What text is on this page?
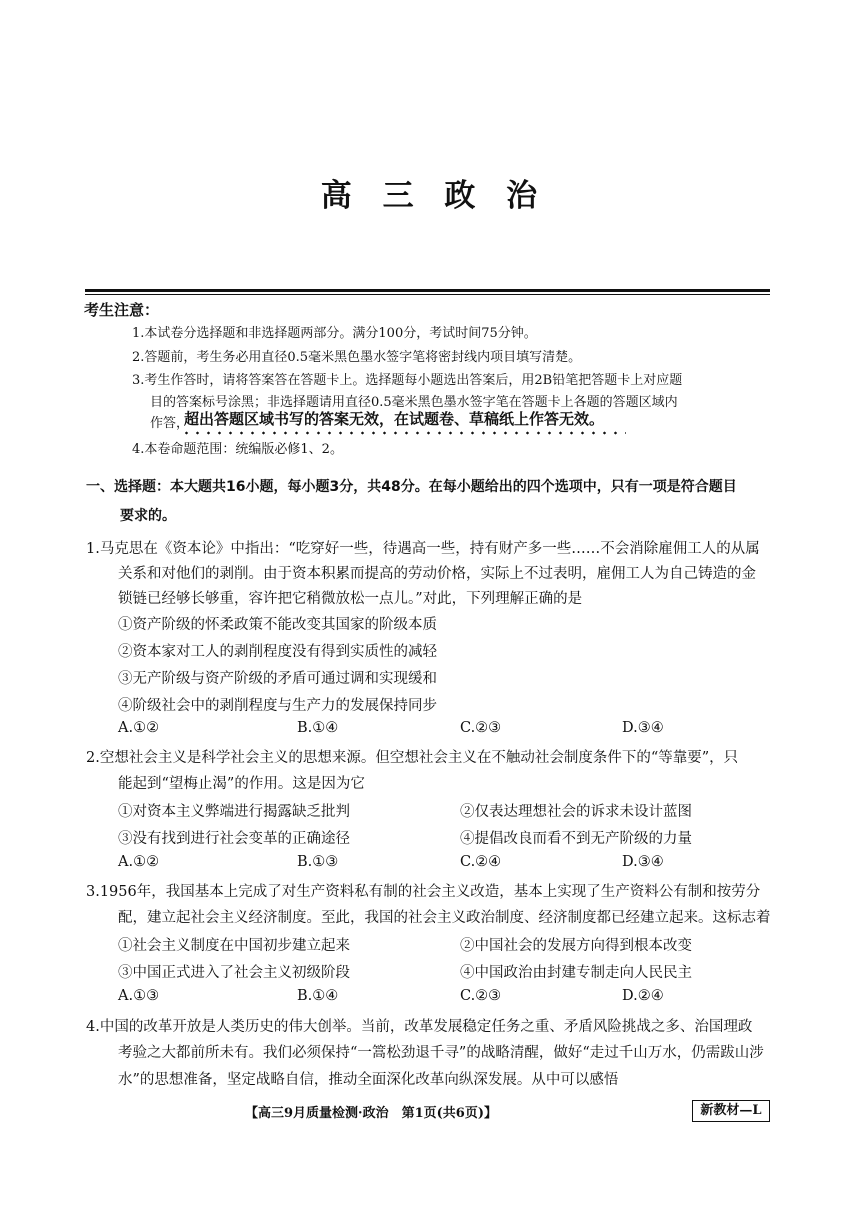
高 三 政 治
考生注意：
1.本试卷分选择题和非选择题两部分。满分100分，考试时间75分钟。
2.答题前，考生务必用直径0.5毫米黑色墨水签字笔将密封线内项目填写清楚。
3.考生作答时，请将答案答在答题卡上。选择题每小题选出答案后，用2B铅笔把答题卡上对应题
目的答案标号涂黑；非选择题请用直径0.5毫米黑色墨水签字笔在答题卡上各题的答题区域内
作答，
超出答题区域书写的答案无效，在试题卷、草稿纸上作答无效。
4.本卷命题范围：统编版必修1、2。
一、选择题：本大题共16小题，每小题3分，共48分。在每小题给出的四个选项中，只有一项是符合题目
要求的。
1.马克思在《资本论》中指出：“吃穿好一些，待遇高一些，持有财产多一些……不会消除雇佣工人的从属
关系和对他们的剥削。由于资本积累而提高的劳动价格，实际上不过表明，雇佣工人为自己铸造的金
锁链已经够长够重，容许把它稍微放松一点儿。”对此，下列理解正确的是
①资产阶级的怀柔政策不能改变其国家的阶级本质
②资本家对工人的剥削程度没有得到实质性的减轻
③无产阶级与资产阶级的矛盾可通过调和实现缓和
④阶级社会中的剥削程度与生产力的发展保持同步
A.①②	B.①④	C.②③	D.③④
2.空想社会主义是科学社会主义的思想来源。但空想社会主义在不触动社会制度条件下的“等靠要”，只
能起到“望梅止渴”的作用。这是因为它
①对资本主义弊端进行揭露缺乏批判	②仅表达理想社会的诉求未设计蓝图
③没有找到进行社会变革的正确途径	④提倡改良而看不到无产阶级的力量
A.①②	B.①③	C.②④	D.③④
3.1956年，我国基本上完成了对生产资料私有制的社会主义改造，基本上实现了生产资料公有制和按劳分
配，建立起社会主义经济制度。至此，我国的社会主义政治制度、经济制度都已经建立起来。这标志着
①社会主义制度在中国初步建立起来	②中国社会的发展方向得到根本改变
③中国正式进入了社会主义初级阶段	④中国政治由封建专制走向人民民主
A.①③	B.①④	C.②③	D.②④
4.中国的改革开放是人类历史的伟大创举。当前，改革发展稳定任务之重、矛盾风险挑战之多、治国理政
考验之大都前所未有。我们必须保持“一篙松劲退千寻”的战略清醒，做好“走过千山万水，仍需跋山涉
水”的思想准备，坚定战略自信，推动全面深化改革向纵深发展。从中可以感悟
【高三9月质量检测·政治　第1页(共6页)】	新教材—L
